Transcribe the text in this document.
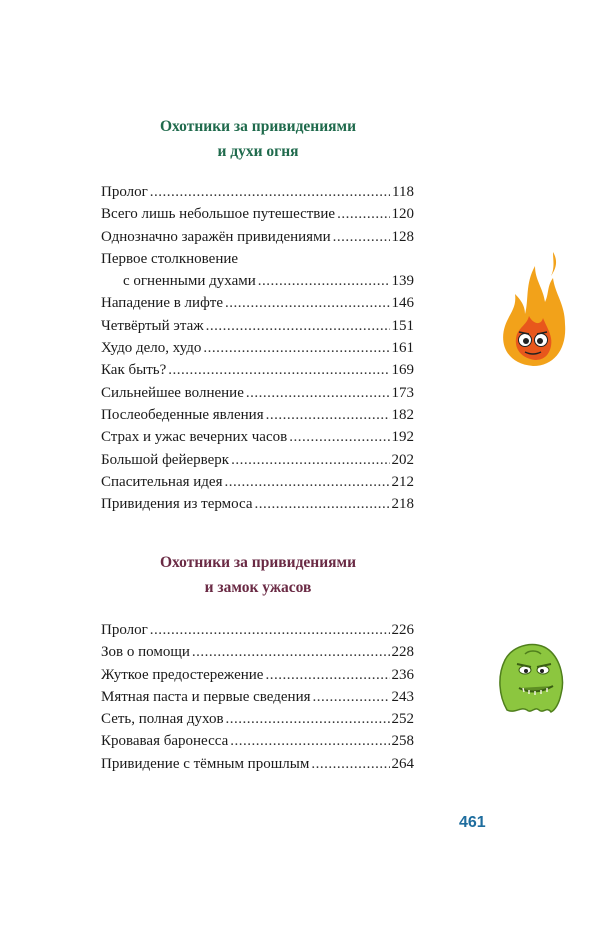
Охотники за привидениями
и духи огня
Пролог .....	118
Всего лишь небольшое путешествие .....	120
Однозначно заражён привидениями .....	128
Первое столкновение
с огненными духами .....	139
Нападение в лифте .....	146
Четвёртый этаж .....	151
Худо дело, худо .....	161
Как быть? .....	169
Сильнейшее волнение .....	173
Послеобеденные явления .....	182
Страх и ужас вечерних часов .....	192
Большой фейерверк .....	202
Спасительная идея .....	212
Привидения из термоса .....	218
Охотники за привидениями
и замок ужасов
Пролог .....	226
Зов о помощи .....	228
Жуткое предостережение .....	236
Мятная паста и первые сведения .....	243
Сеть, полная духов .....	252
Кровавая баронесса .....	258
Привидение с тёмным прошлым .....	264
461
